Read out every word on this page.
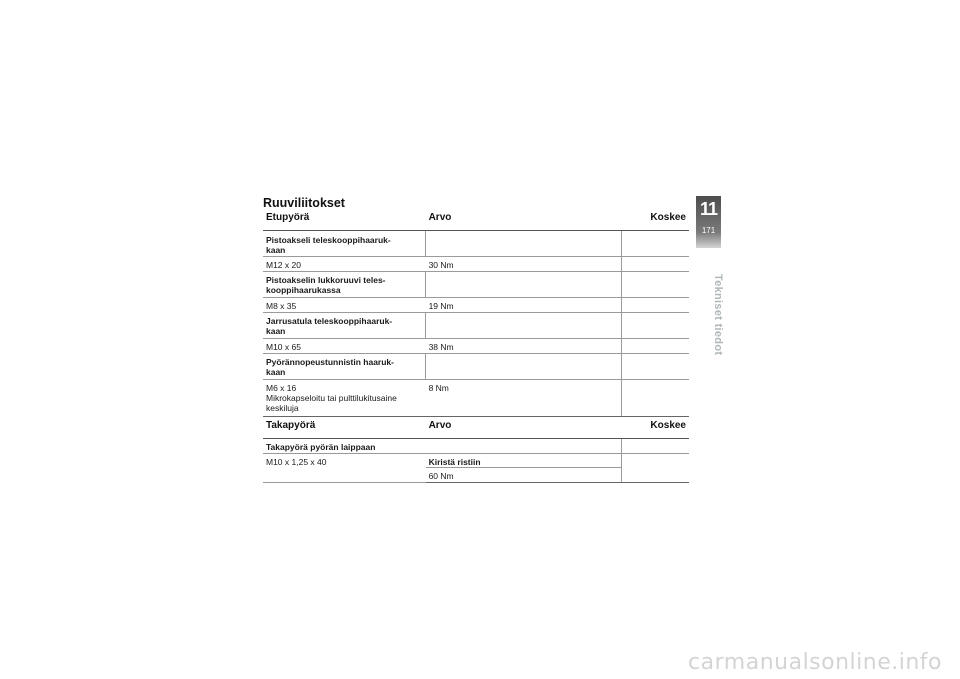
Ruuviliitokset
Etupyörä	Arvo	Koskee
Pistoakseli teleskooppihaaruk-
kaan		
M12 x 20	30 Nm	
Pistoakselin lukkoruuvi teles-
kooppihaarukassa		
M8 x 35	19 Nm	
Jarrusatula teleskooppihaaruk-
kaan		
M10 x 65	38 Nm	
Pyörännopeustunnistin haaruk-
kaan		
M6 x 16
Mikrokapseloitu tai pulttilukitusaine
keskiluja	8 Nm	
Takapyörä	Arvo	Koskee
Takapyörä pyörän laippaan		
M10 x 1,25 x 40	Kiristä ristiin	
	60 Nm	
11
171
Tekniset tiedot
carmanualsonline.info
